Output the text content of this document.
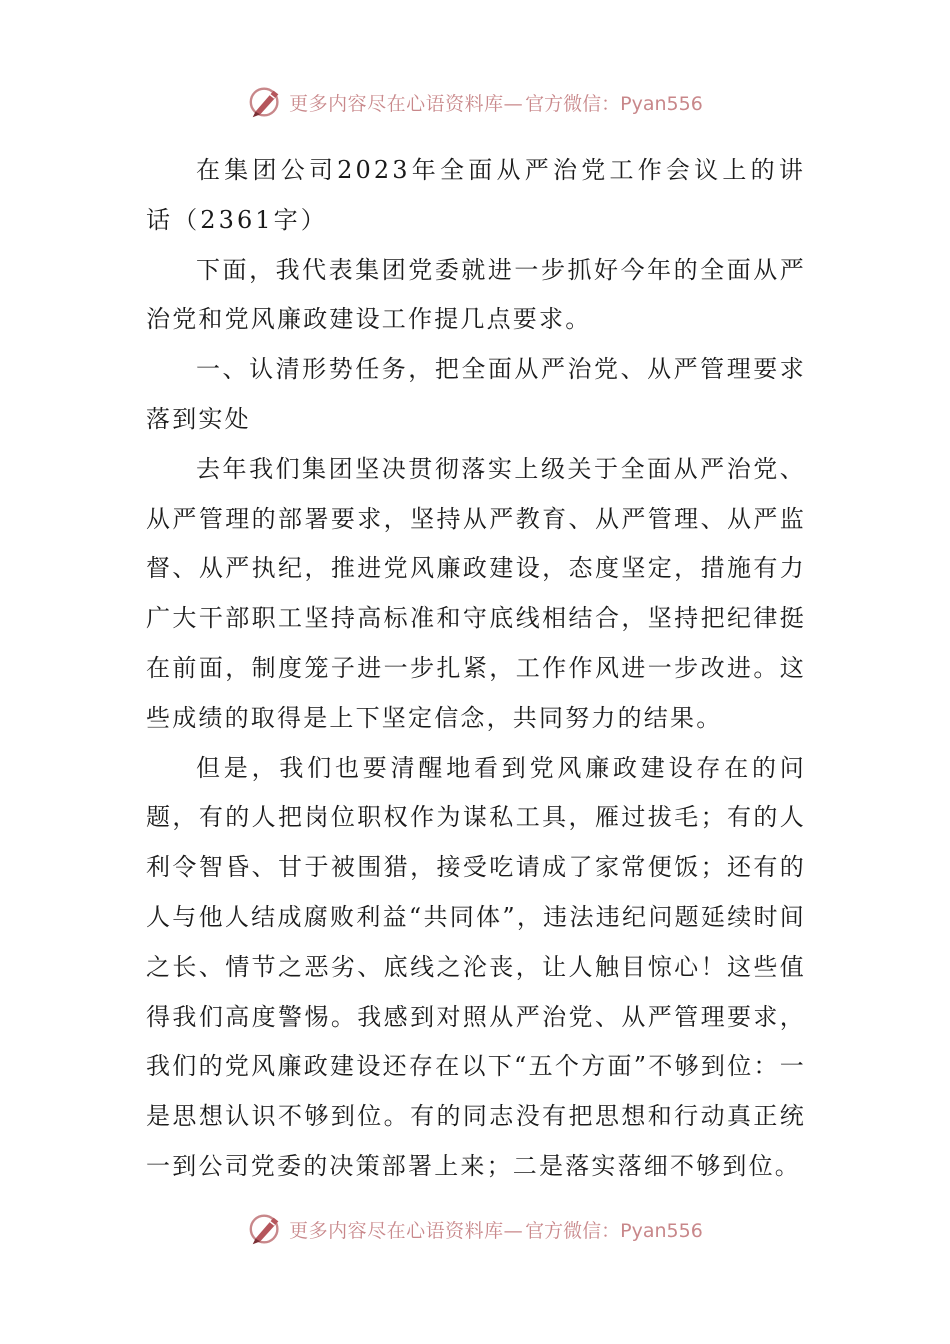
更多内容尽在心语资料库— 官方微信：Pyan556

在集团公司2023年全面从严治党工作会议上的讲话（2361字）

下面，我代表集团党委就进一步抓好今年的全面从严治党和党风廉政建设工作提几点要求。

一、认清形势任务，把全面从严治党、从严管理要求落到实处

去年我们集团坚决贯彻落实上级关于全面从严治党、从严管理的部署要求，坚持从严教育、从严管理、从严监督、从严执纪，推进党风廉政建设，态度坚定，措施有力广大干部职工坚持高标准和守底线相结合，坚持把纪律挺在前面，制度笼子进一步扎紧，工作作风进一步改进。这些成绩的取得是上下坚定信念，共同努力的结果。

但是，我们也要清醒地看到党风廉政建设存在的问题，有的人把岗位职权作为谋私工具，雁过拔毛；有的人利令智昏、甘于被围猎，接受吃请成了家常便饭；还有的人与他人结成腐败利益“共同体”，违法违纪问题延续时间之长、情节之恶劣、底线之沦丧，让人触目惊心！这些值得我们高度警惕。我感到对照从严治党、从严管理要求，我们的党风廉政建设还存在以下“五个方面”不够到位：一是思想认识不够到位。有的同志没有把思想和行动真正统一到公司党委的决策部署上来；二是落实落细不够到位。

更多内容尽在心语资料库— 官方微信：Pyan556
